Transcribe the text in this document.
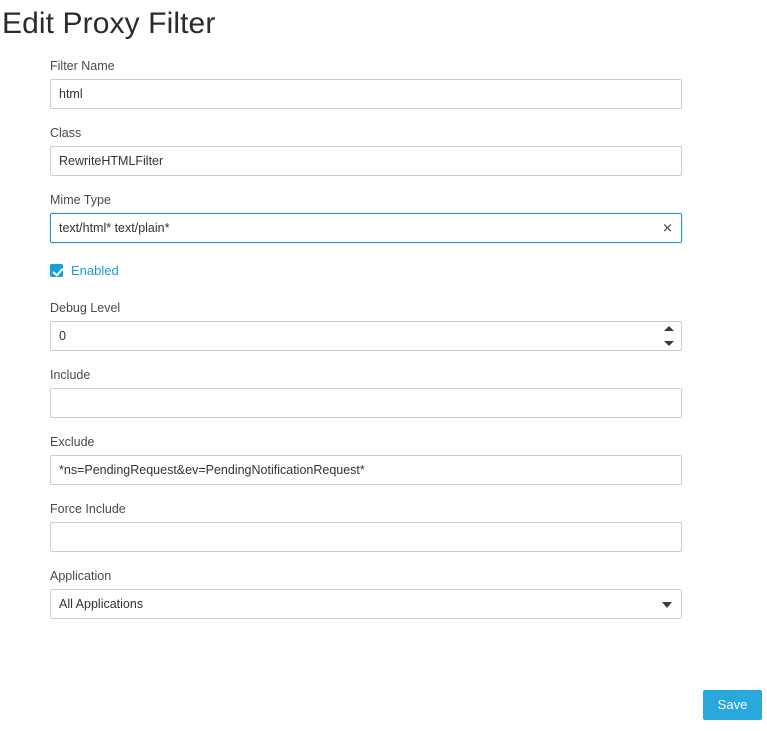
Edit Proxy Filter
Filter Name
html
Class
RewriteHTMLFilter
Mime Type
text/html* text/plain*
✕
Enabled
Debug Level
0
Include
Exclude
*ns=PendingRequest&ev=PendingNotificationRequest*
Force Include
Application
All Applications
Save
